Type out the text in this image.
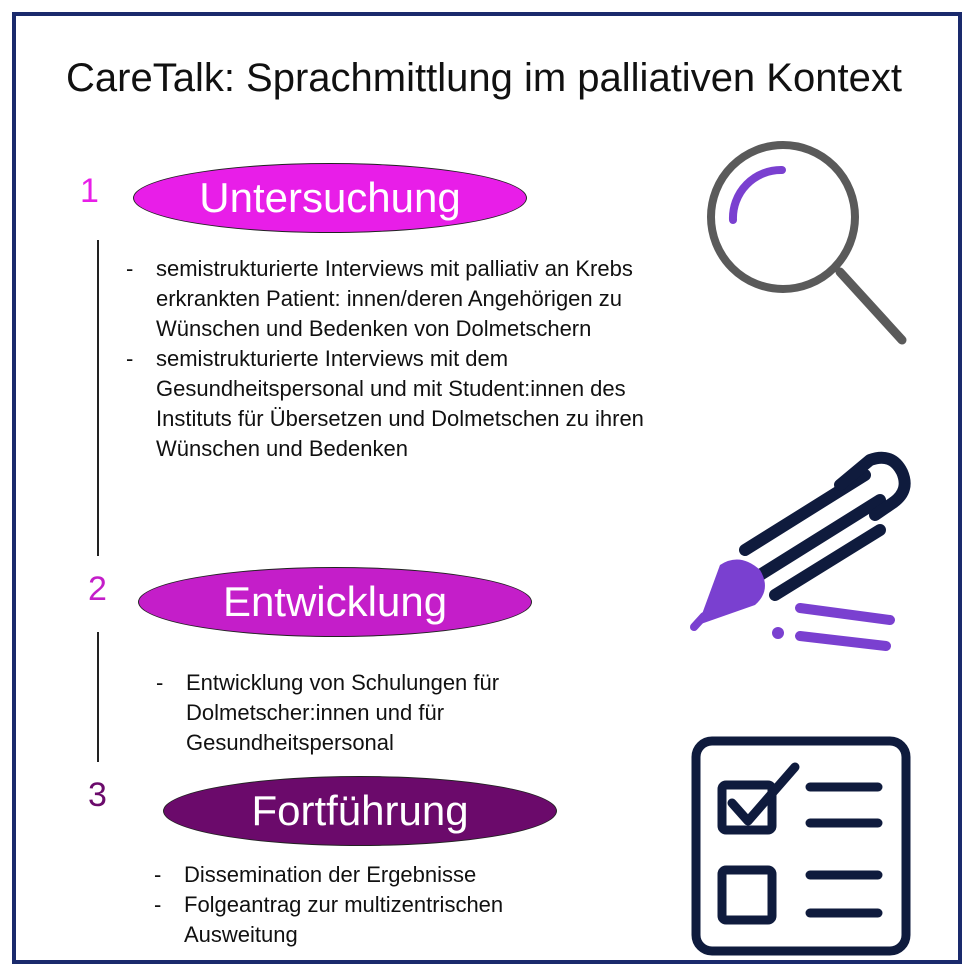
CareTalk: Sprachmittlung im palliativen Kontext
1	Untersuchung
- semistrukturierte Interviews mit palliativ an Krebs erkrankten Patient: innen/deren Angehörigen zu Wünschen und Bedenken von Dolmetschern
- semistrukturierte Interviews mit dem Gesundheitspersonal und mit Student:innen des Instituts für Übersetzen und Dolmetschen zu ihren Wünschen und Bedenken
2	Entwicklung
- Entwicklung von Schulungen für Dolmetscher:innen und für Gesundheitspersonal
3	Fortführung
- Dissemination der Ergebnisse
- Folgeantrag zur multizentrischen Ausweitung
